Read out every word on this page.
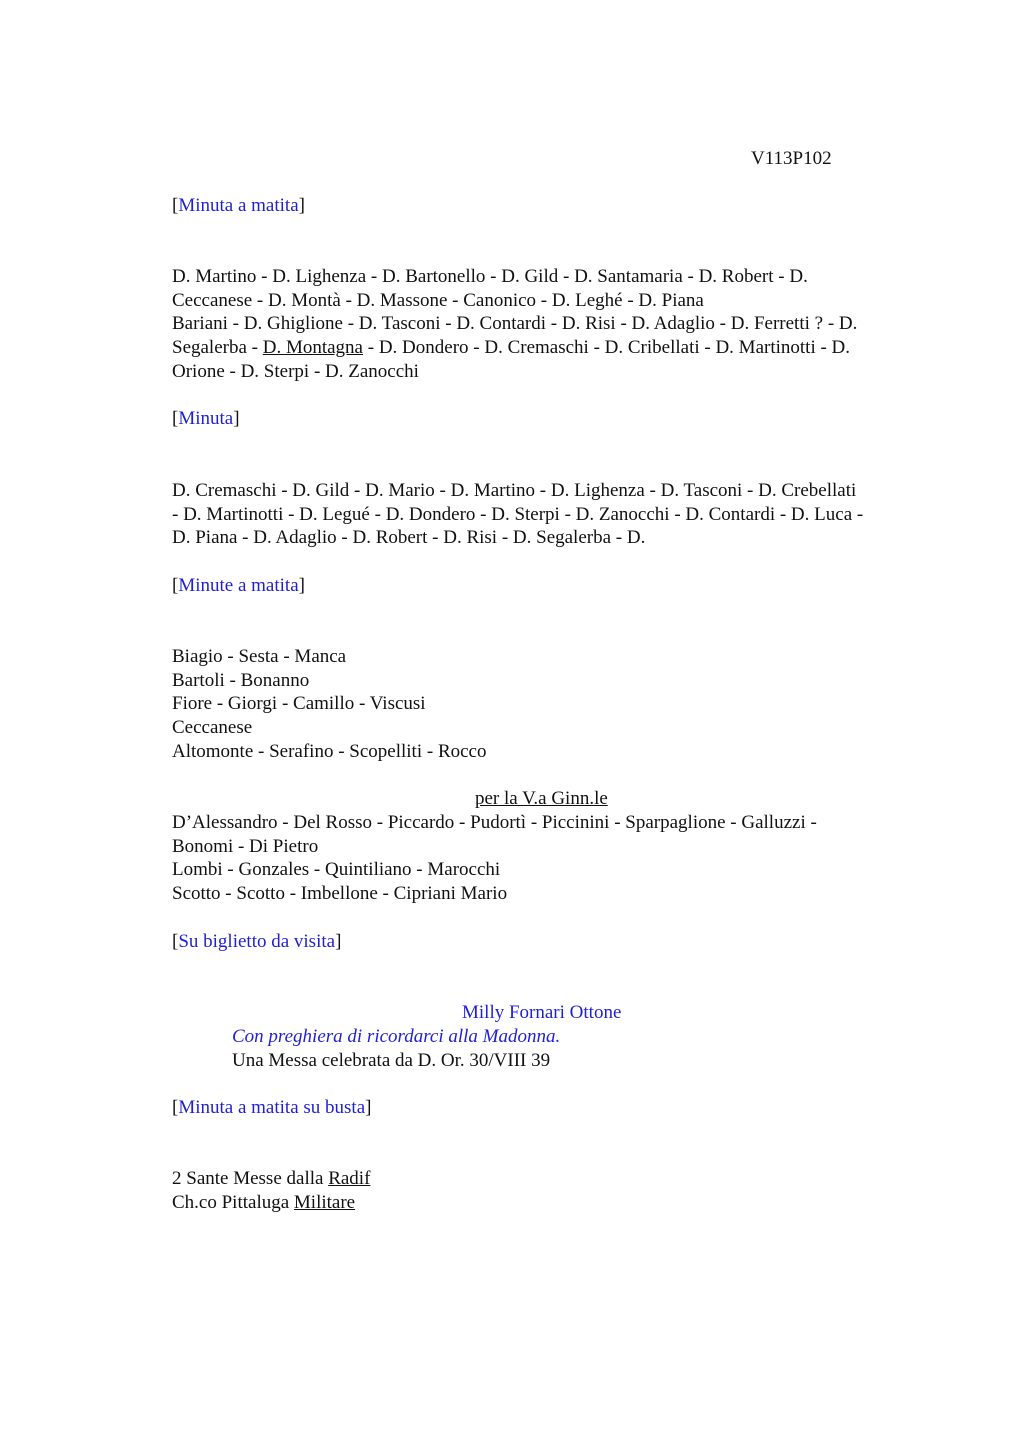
V113P102
[Minuta a matita]
D. Martino - D. Lighenza - D. Bartonello - D. Gild - D. Santamaria - D. Robert - D.
Ceccanese - D. Montà - D. Massone - Canonico - D. Leghé - D. Piana
Bariani - D. Ghiglione - D. Tasconi - D. Contardi - D. Risi - D. Adaglio - D. Ferretti ? - D.
Segalerba - D. Montagna - D. Dondero - D. Cremaschi - D. Cribellati - D. Martinotti - D.
Orione - D. Sterpi - D. Zanocchi
[Minuta]
D. Cremaschi - D. Gild - D. Mario - D. Martino - D. Lighenza - D. Tasconi - D. Crebellati
- D. Martinotti - D. Legué - D. Dondero - D. Sterpi - D. Zanocchi - D. Contardi - D. Luca -
D. Piana - D. Adaglio - D. Robert - D. Risi - D. Segalerba - D.
[Minute a matita]
Biagio - Sesta - Manca
Bartoli - Bonanno
Fiore - Giorgi - Camillo - Viscusi
Ceccanese
Altomonte - Serafino - Scopelliti - Rocco
per la V.a Ginn.le
D’Alessandro - Del Rosso - Piccardo - Pudortì - Piccinini - Sparpaglione - Galluzzi -
Bonomi - Di Pietro
Lombi - Gonzales - Quintiliano - Marocchi
Scotto - Scotto - Imbellone - Cipriani Mario
[Su biglietto da visita]
Milly Fornari Ottone
Con preghiera di ricordarci alla Madonna.
Una Messa celebrata da D. Or. 30/VIII 39
[Minuta a matita su busta]
2 Sante Messe dalla Radif
Ch.co Pittaluga Militare
